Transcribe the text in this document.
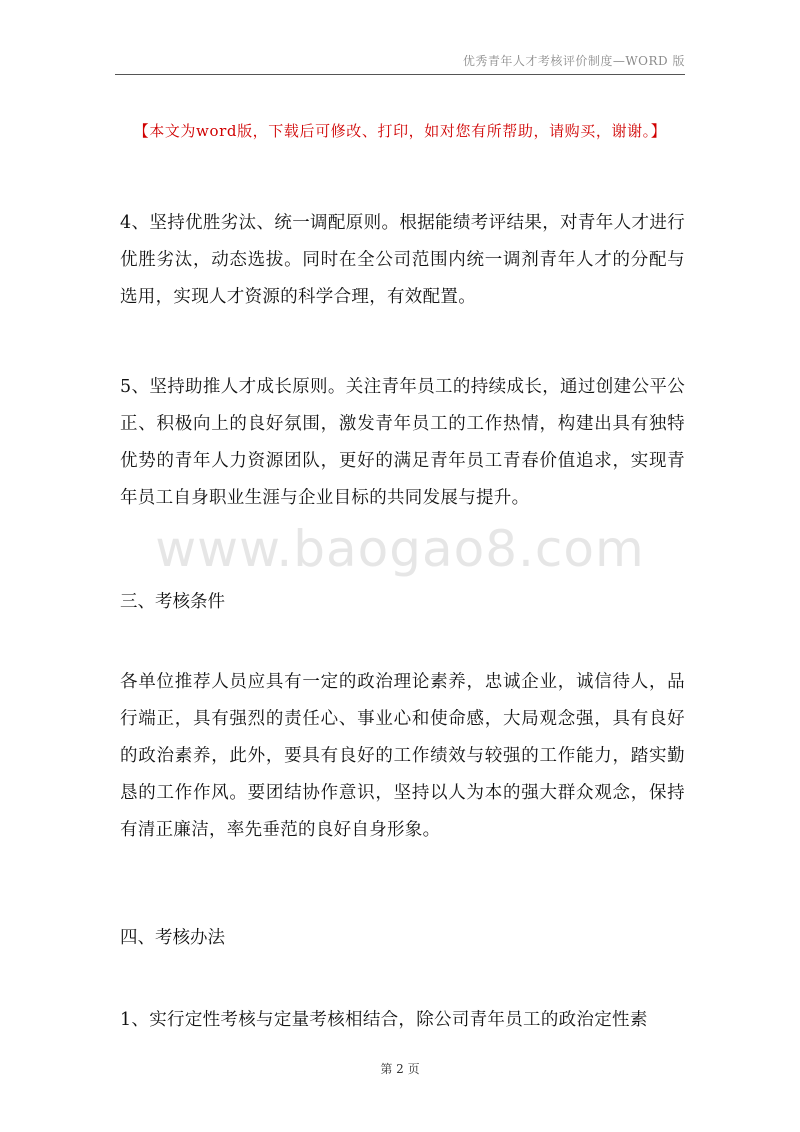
优秀青年人才考核评价制度—WORD 版
【本文为word版，下载后可修改、打印，如对您有所帮助，请购买，谢谢。】
www.baogao8.com
4、坚持优胜劣汰、统一调配原则。根据能绩考评结果，对青年人才进行优胜劣汰，动态选拔。同时在全公司范围内统一调剂青年人才的分配与选用，实现人才资源的科学合理，有效配置。
5、坚持助推人才成长原则。关注青年员工的持续成长，通过创建公平公正、积极向上的良好氛围，激发青年员工的工作热情，构建出具有独特优势的青年人力资源团队，更好的满足青年员工青春价值追求，实现青年员工自身职业生涯与企业目标的共同发展与提升。
三、考核条件
各单位推荐人员应具有一定的政治理论素养，忠诚企业，诚信待人，品行端正，具有强烈的责任心、事业心和使命感，大局观念强，具有良好的政治素养，此外，要具有良好的工作绩效与较强的工作能力，踏实勤恳的工作作风。要团结协作意识，坚持以人为本的强大群众观念，保持有清正廉洁，率先垂范的良好自身形象。
四、考核办法
1、实行定性考核与定量考核相结合，除公司青年员工的政治定性素
第 2 页
